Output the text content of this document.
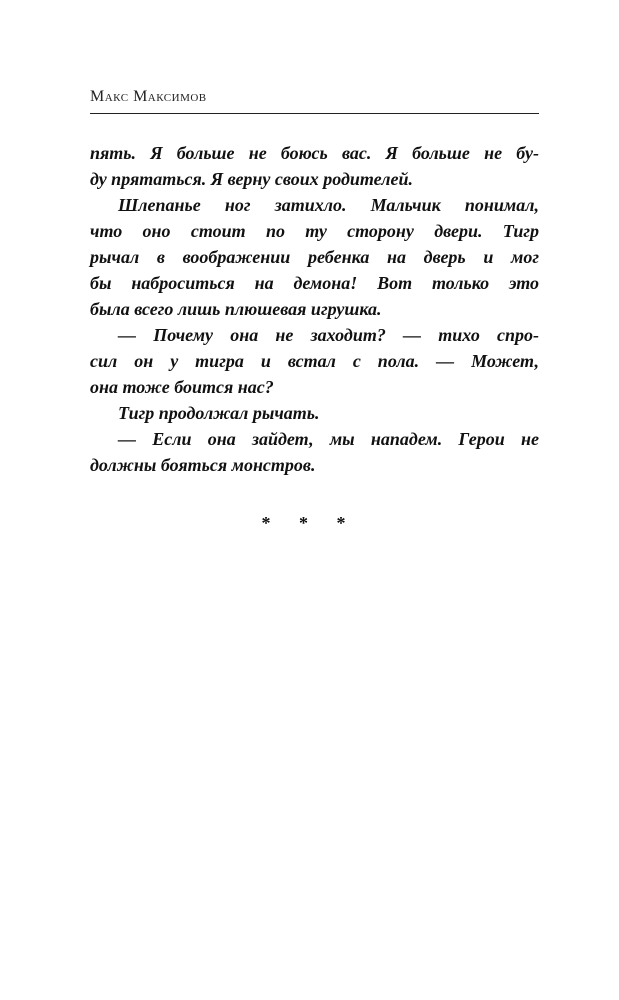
Макс Максимов
пять. Я больше не боюсь вас. Я больше не бу-
ду прятаться. Я верну своих родителей.
Шлепанье ног затихло. Мальчик понимал,
что оно стоит по ту сторону двери. Тигр
рычал в воображении ребенка на дверь и мог
бы наброситься на демона! Вот только это
была всего лишь плюшевая игрушка.
— Почему она не заходит? — тихо спро-
сил он у тигра и встал с пола. — Может,
она тоже боится нас?
Тигр продолжал рычать.
— Если она зайдет, мы нападем. Герои не
должны бояться монстров.
* * *
